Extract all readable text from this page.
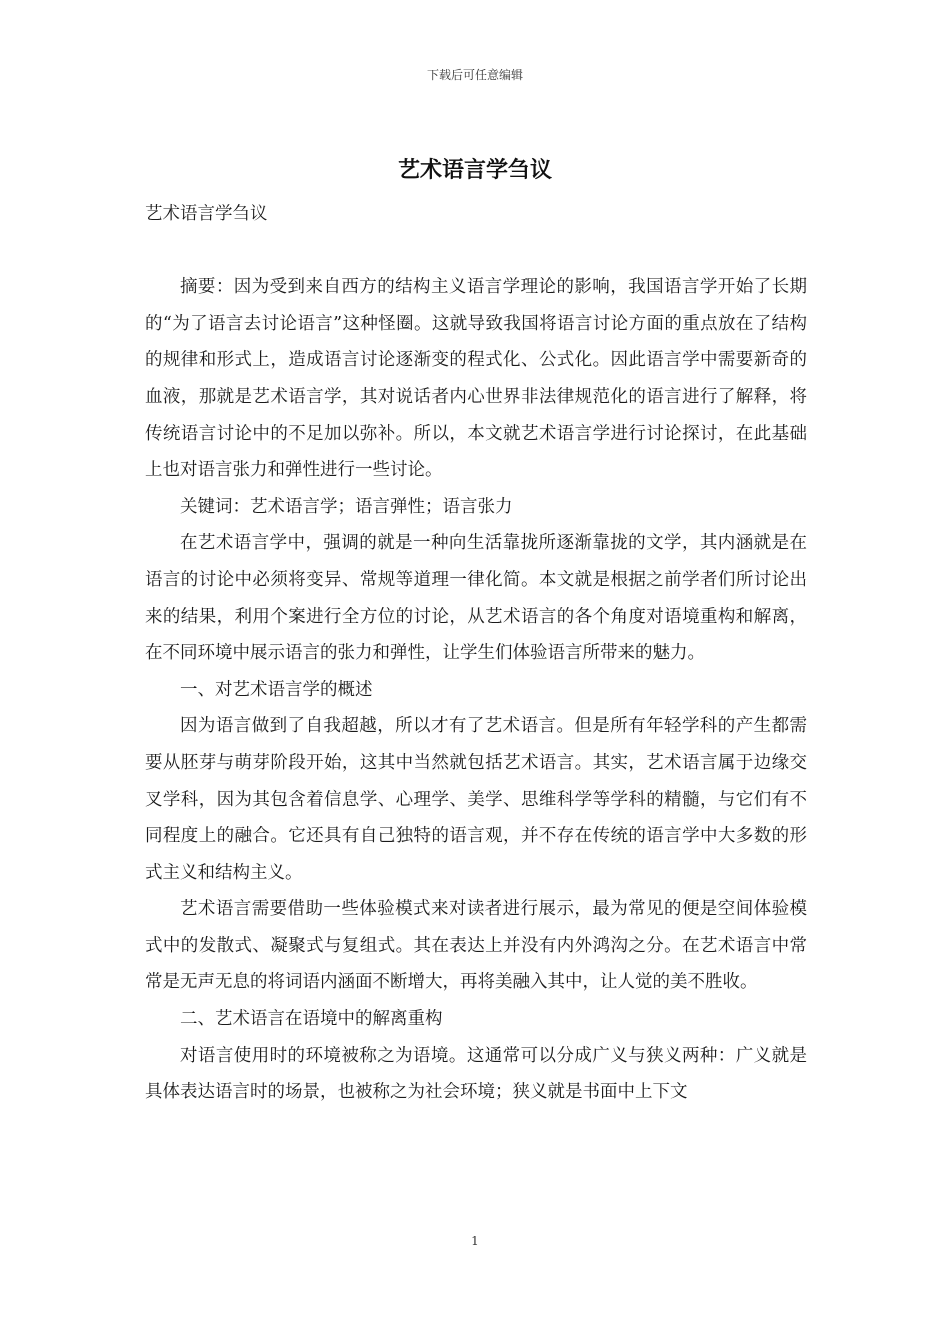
下载后可任意编辑
艺术语言学刍议

艺术语言学刍议

摘要：因为受到来自西方的结构主义语言学理论的影响，我国语言学开始了长期的“为了语言去讨论语言”这种怪圈。这就导致我国将语言讨论方面的重点放在了结构的规律和形式上，造成语言讨论逐渐变的程式化、公式化。因此语言学中需要新奇的血液，那就是艺术语言学，其对说话者内心世界非法律规范化的语言进行了解释，将传统语言讨论中的不足加以弥补。所以，本文就艺术语言学进行讨论探讨，在此基础上也对语言张力和弹性进行一些讨论。

关键词：艺术语言学；语言弹性；语言张力

在艺术语言学中，强调的就是一种向生活靠拢所逐渐靠拢的文学，其内涵就是在语言的讨论中必须将变异、常规等道理一律化简。本文就是根据之前学者们所讨论出来的结果，利用个案进行全方位的讨论，从艺术语言的各个角度对语境重构和解离，在不同环境中展示语言的张力和弹性，让学生们体验语言所带来的魅力。

一、对艺术语言学的概述

因为语言做到了自我超越，所以才有了艺术语言。但是所有年轻学科的产生都需要从胚芽与萌芽阶段开始，这其中当然就包括艺术语言。其实，艺术语言属于边缘交叉学科，因为其包含着信息学、心理学、美学、思维科学等学科的精髓，与它们有不同程度上的融合。它还具有自己独特的语言观，并不存在传统的语言学中大多数的形式主义和结构主义。

艺术语言需要借助一些体验模式来对读者进行展示，最为常见的便是空间体验模式中的发散式、凝聚式与复组式。其在表达上并没有内外鸿沟之分。在艺术语言中常常是无声无息的将词语内涵面不断增大，再将美融入其中，让人觉的美不胜收。

二、艺术语言在语境中的解离重构

对语言使用时的环境被称之为语境。这通常可以分成广义与狭义两种：广义就是具体表达语言时的场景，也被称之为社会环境；狭义就是书面中上下文

1
